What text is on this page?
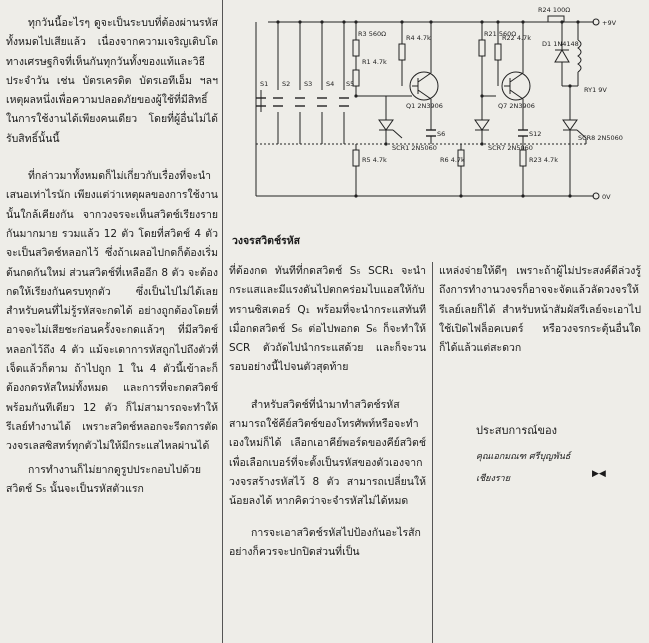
ทุกวันนี้อะไรๆ ดูจะเป็นระบบที่ต้องผ่านรหัสทั้งหมดไปเสียแล้ว เนื่องจากความเจริญเติบโตทางเศรษฐกิจที่เห็นกันทุกวันทั้งของแท้และวิธีประจำวัน เช่น บัตรเครดิต บัตรเอทีเอ็ม ฯลฯ เหตุผลหนึ่งเพื่อความปลอดภัยของผู้ใช้ที่มีสิทธิ์ในการใช้งานได้เพียงคนเดียว โดยที่ผู้อื่นไม่ได้รับสิทธิ์นั้นนี้

ที่กล่าวมาทั้งหมดก็ไม่เกี่ยวกับเรื่องที่จะนำเสนอเท่าไรนัก เพียงแต่ว่าเหตุผลของการใช้งานนั้นใกล้เคียงกัน จากวงจรจะเห็นสวิตช์เรียงรายกันมากมาย รวมแล้ว 12 ตัว โดยที่สวิตช์ 4 ตัว จะเป็นสวิตช์หลอกไว้ ซึ่งถ้าเผลอไปกดก็ต้องเริ่มต้นกดกันใหม่ ส่วนสวิตช์ที่เหลืออีก 8 ตัว จะต้องกดให้เรียงกันครบทุกตัว ซึ่งเป็นไปไม่ได้เลยสำหรับคนที่ไม่รู้รหัสจะกดได้ อย่างถูกต้องโดยที่อาจจะไม่เสียชะก่อนครั้งจะกดแล้วๆ ที่มีสวิตช์หลอกไว้ถึง 4 ตัว แม้จะเดาการหัสถูกไปถึงตัวที่เจ็ดแล้วก็ตาม ถ้าไปถูก 1 ใน 4 ตัวนี้เข้าละก็ต้องกดรหัสใหม่ทั้งหมด และการที่จะกดสวิตช์พร้อมกันทีเดียว 12 ตัว ก็ไม่สามารถจะทำให้รีเลย์ทำงานได้ เพราะสวิตช์หลอกจะรีดการตัดวงจรเลสซิสทร์ทุกตัวไม่ให้มีกระแสไหลผ่านได้

การทำงานก็ไม่ยากดูรูปประกอบไปด้วย สวิตช์ S₅ นั้นจะเป็นรหัสตัวแรก

+9V
0V
S1 S2 S3 S4 S5
S6	S12
R1 4.7k
R3 560Ω	R4 4.7k
R5 4.7k	R6 4.7k
R21 560Ω
R22 4.7k
R23 4.7k
R24 100Ω
Q1 2N3906	Q7 2N3906
SCR1 2N5060	SCR7 2N5060
SCR8 2N5060
D1 1N4148
RY1 9V
วงจรสวิตช์รหัส

ที่ต้องกด ทันทีที่กดสวิตช์ S₅ SCR₁ จะนำกระแสและมีแรงดันไปตกคร่อมไบแอสให้กับทรานซิสเตอร์ Q₁ พร้อมที่จะนำกระแสทันทีเมื่อกดสวิตช์ S₆ ต่อไปพอกด S₆ ก็จะทำให้ SCR ตัวถัดไปนำกระแสด้วย และก็จะวนรอบอย่างนี้ไปจนตัวสุดท้าย

สำหรับสวิตช์ที่นำมาทำสวิตช์รหัสสามารถใช้คีย์สวิตช์ของโทรศัพท์หรือจะทำเองใหม่ก็ได้ เลือกเอาคีย์พอร์ดของคีย์สวิตช์เพื่อเลือกเบอร์ที่จะตั้งเป็นรหัสของตัวเองจากวงจรสร้างรหัสไว้ 8 ตัว สามารถเปลี่ยนให้น้อยลงได้ หากคิดว่าจะจำรหัสไม่ได้หมด

การจะเอาสวิตช์รหัสไปป้องกันอะไรสักอย่างก็ควรจะปกปิดส่วนที่เป็น

แหล่งจ่ายให้ดีๆ เพราะถ้าผู้ไม่ประสงค์ดีล่วงรู้ถึงการทำงานวงจรก็อาจจะจัดแล้วลัดวงจรให้รีเลย์เลยก็ได้ สำหรับหน้าสัมผัสรีเลย์จะเอาไปใช้เปิดไฟล็อคเบตร์ หรือวงจรกระตุ้นอื่นใดก็ได้แล้วแต่สะดวก

ประสบการณ์ของ
คุณเอกมณฑ ศรีบุญพันธ์
เชียงราย	▶◀
